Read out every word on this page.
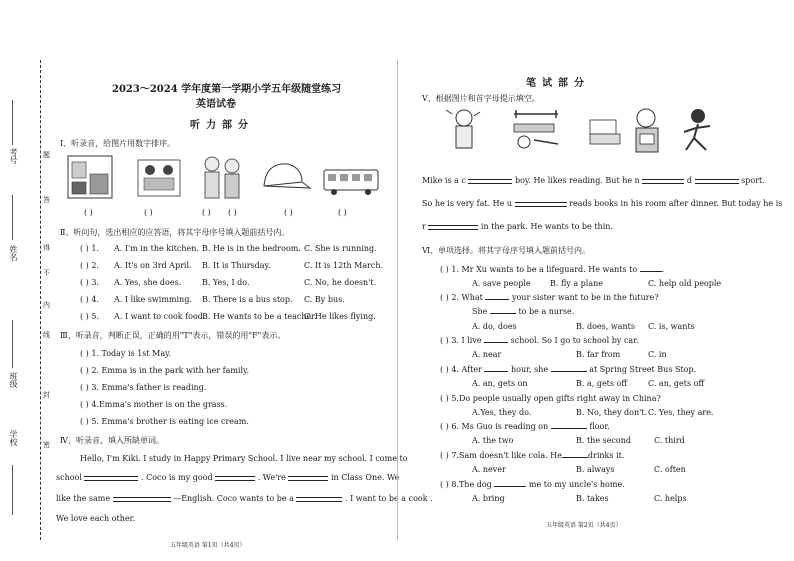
考号
姓名
班级
学校
题
答
得
不
内
线
封
密
2023～2024 学年度第一学期小学五年级随堂练习
英语试卷
听力部分
Ⅰ、听录音，给图片用数字排序。
( )	( )	( ) ( )	( )	( )
Ⅱ、听问句，选出相应的应答语，将其字母序号填入题前括号内。
( ) 1. A. I'm in the kitchen. B. He is in the bedroom. C. She is running.
( ) 2. A. It's on 3rd April. B. It is Thursday.	C. It is 12th March.
( ) 3. A. Yes, she does.	B. Yes, I do.	C. No, he doesn't.
( ) 4. A. I like swimming. B. There is a bus stop. C. By bus.
( ) 5. A. I want to cook food.
B. He wants to be a teacher.
C. He likes flying.
Ⅲ、听录音，判断正误，正确的用"T"表示，错误的用"F"表示。
( ) 1. Today is 1st May.
( ) 2. Emma is in the park with her family.
( ) 3. Emma's father is reading.
( ) 4.Emma's mother is on the grass.
( ) 5. Emma's brother is eating ice cream.
Ⅳ、听录音，填入所缺单词。
Hello, I'm Kiki. I study in Happy Primary School. I live near my school. I come to
school	. Coco is my good	. We're	in Class One. We
like the same	—English. Coco wants to be a	. I want to be a cook .
We love each other.
五年级英语 第1页（共4页）
笔试部分
Ⅴ、根据图片和首字母提示填空。
Mike is a c	boy. He likes reading. But he n	d	sport.
So he is very fat. He u	reads books in his room after dinner. But today he is
r	in the park. He wants to be thin.
Ⅵ、单项选择。将其字母序号填入题前括号内。
( ) 1. Mr Xu wants to be a lifeguard. He wants to	.
A. save people B. fly a plane	C. help old people
( ) 2. What	your sister want to be in the future?
She	to be a nurse.
A. do, does	B. does, wants C. is, wants
( ) 3. I live	school. So I go to school by car.
A. near	B. far from	C. in
( ) 4. After	hour, she	at Spring Street Bus Stop.
A. an, gets on	B. a, gets off	C. an, gets off
( ) 5.Do people usually open gifts right away in China?
A.Yes, they do.	B. No, they don't. C. Yes, they are.
( ) 6. Ms Guo is reading on	floor.
A. the two	B. the second	C. third
( ) 7.Sam doesn't like cola. He	drinks it.
A. never	B. always	C. often
( ) 8.The dog	me to my uncle's home.
A. bring	B. takes	C. helps
五年级英语 第2页（共4页）
